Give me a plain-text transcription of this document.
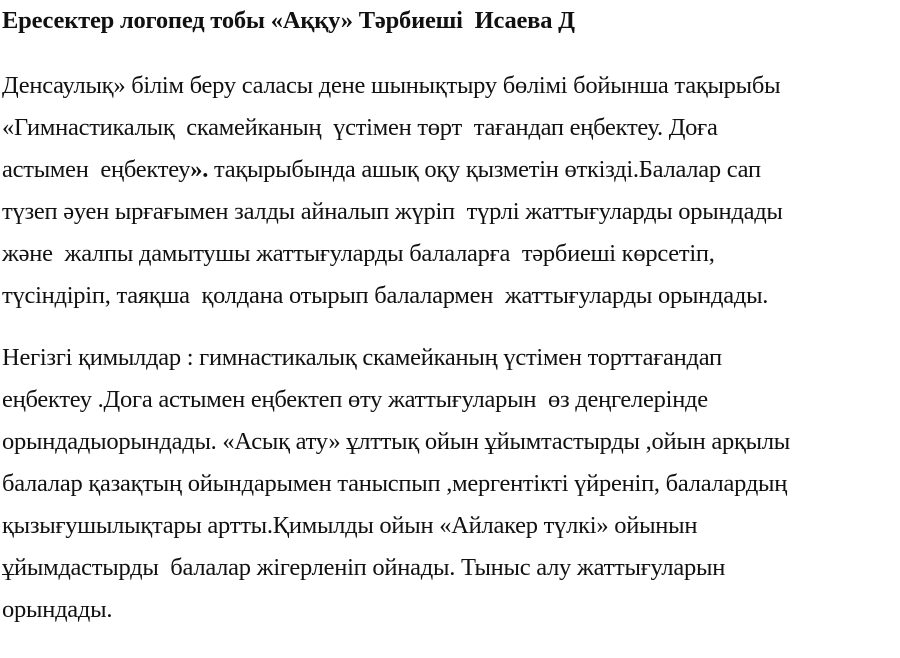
Ересектер логопед тобы «Аққу» Тәрбиеші  Исаева Д

Денсаулық» білім беру саласы дене шынықтыру бөлімі бойынша тақырыбы
«Гимнастикалық  скамейканың  үстімен төрт  тағандап еңбектеу. Доға
астымен  еңбектеу». тақырыбында ашық оқу қызметін өткізді.Балалар сап
түзеп әуен ырғағымен залды айналып жүріп  түрлі жаттығуларды орындады
және  жалпы дамытушы жаттығуларды балаларға  тәрбиеші көрсетіп,
түсіндіріп, таяқша  қолдана отырып балалармен  жаттығуларды орындады.
Негізгі қимылдар : гимнастикалық скамейканың үстімен торттағандап
еңбектеу .Дога астымен еңбектеп өту жаттығуларын  өз деңгелерінде
орындадыорындады. «Асық ату» ұлттық ойын ұйымтастырды ,ойын арқылы
балалар қазақтың ойындарымен таныспып ,мергентікті үйреніп, балалардың
қызығушылықтары артты.Қимылды ойын «Айлакер түлкі» ойынын
ұйымдастырды  балалар жігерленіп ойнады. Тыныс алу жаттығуларын
орындады.
